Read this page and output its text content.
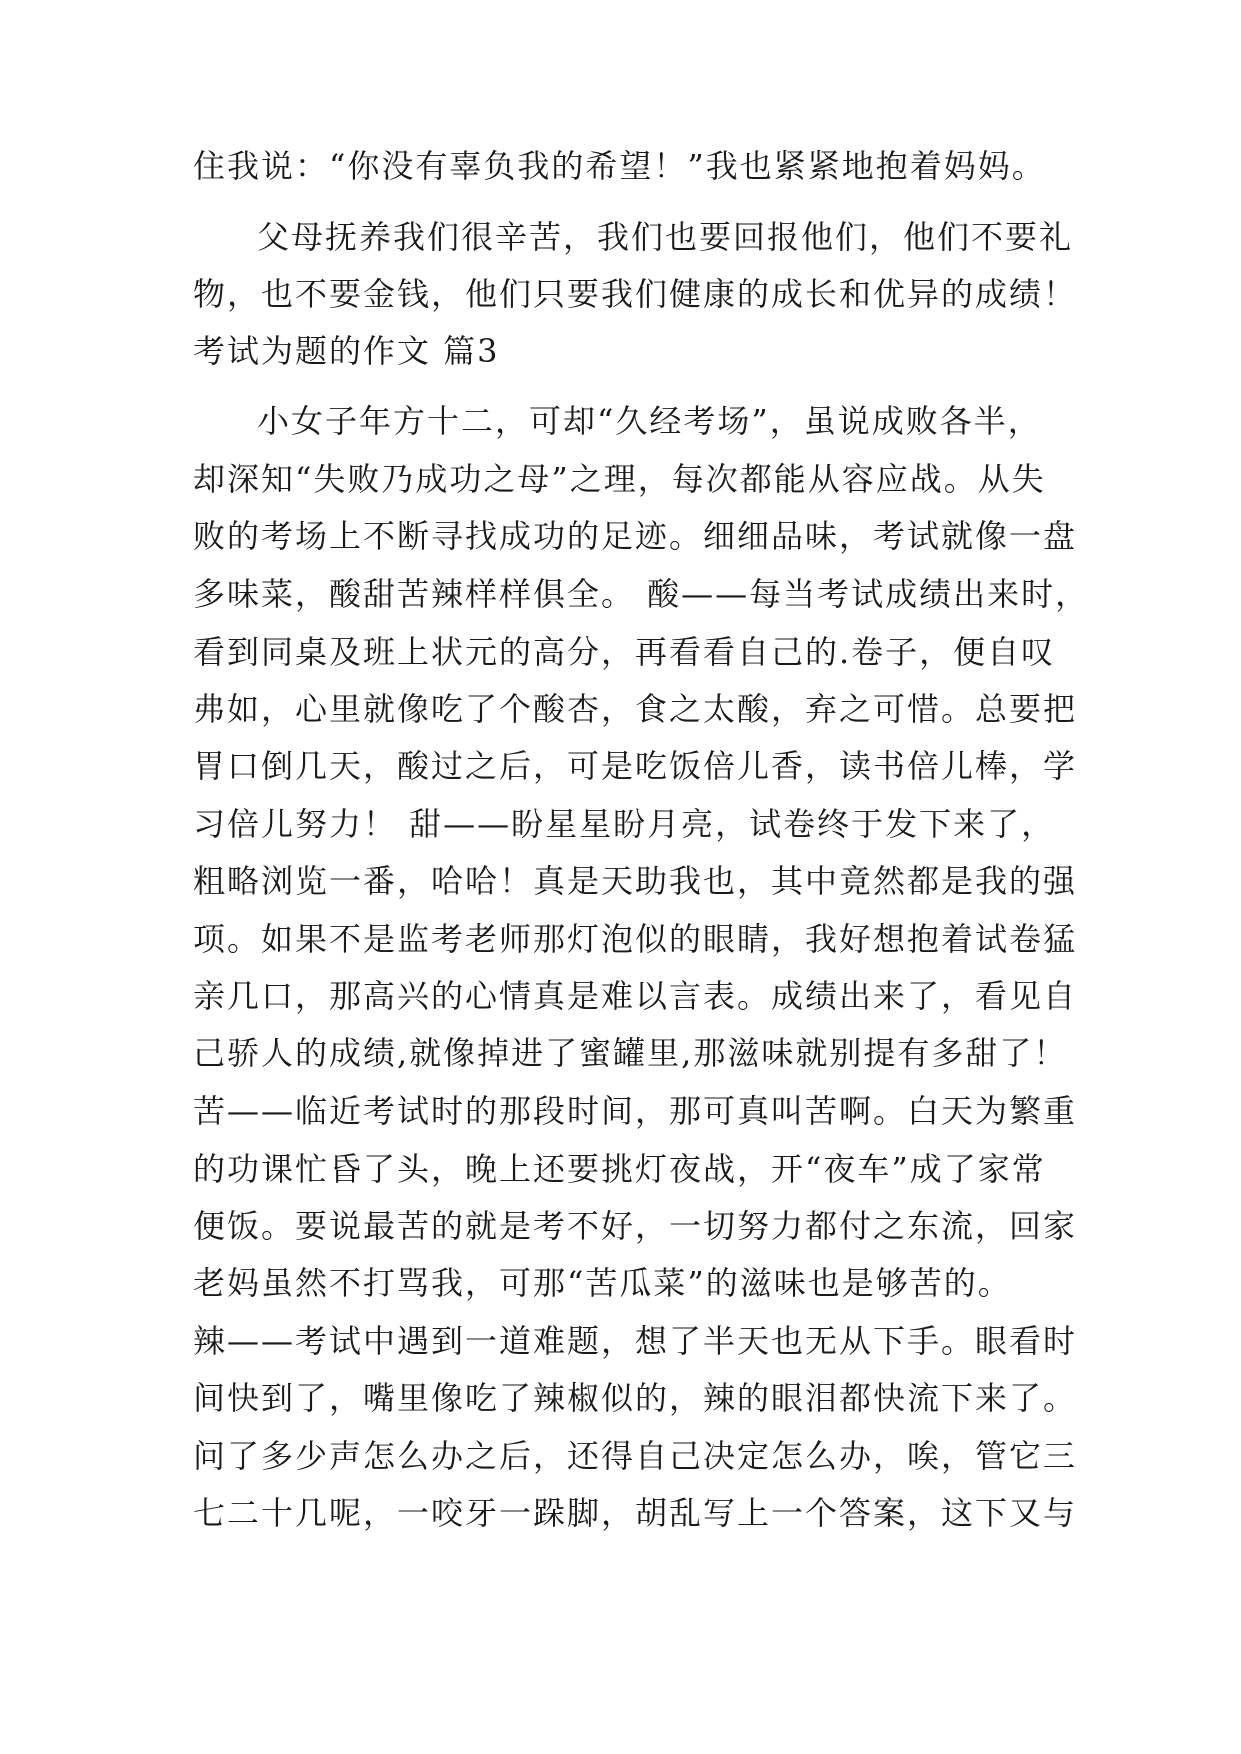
住我说：“你没有辜负我的希望！”我也紧紧地抱着妈妈。
父母抚养我们很辛苦，我们也要回报他们，他们不要礼
物，也不要金钱，他们只要我们健康的成长和优异的成绩！
考试为题的作文 篇3
小女子年方十二，可却“久经考场”，虽说成败各半，
却深知“失败乃成功之母”之理，每次都能从容应战。从失
败的考场上不断寻找成功的足迹。细细品味，考试就像一盘
多味菜，酸甜苦辣样样俱全。 酸——每当考试成绩出来时，
看到同桌及班上状元的高分，再看看自己的.卷子，便自叹
弗如，心里就像吃了个酸杏，食之太酸，弃之可惜。总要把
胃口倒几天，酸过之后，可是吃饭倍儿香，读书倍儿棒，学
习倍儿努力！ 甜——盼星星盼月亮，试卷终于发下来了，
粗略浏览一番，哈哈！真是天助我也，其中竟然都是我的强
项。如果不是监考老师那灯泡似的眼睛，我好想抱着试卷猛
亲几口，那高兴的心情真是难以言表。成绩出来了，看见自
己骄人的成绩,就像掉进了蜜罐里,那滋味就别提有多甜了！
苦——临近考试时的那段时间，那可真叫苦啊。白天为繁重
的功课忙昏了头，晚上还要挑灯夜战，开“夜车”成了家常
便饭。要说最苦的就是考不好，一切努力都付之东流，回家
老妈虽然不打骂我，可那“苦瓜菜”的滋味也是够苦的。
辣——考试中遇到一道难题，想了半天也无从下手。眼看时
间快到了，嘴里像吃了辣椒似的，辣的眼泪都快流下来了。
问了多少声怎么办之后，还得自己决定怎么办，唉，管它三
七二十几呢，一咬牙一跺脚，胡乱写上一个答案，这下又与
